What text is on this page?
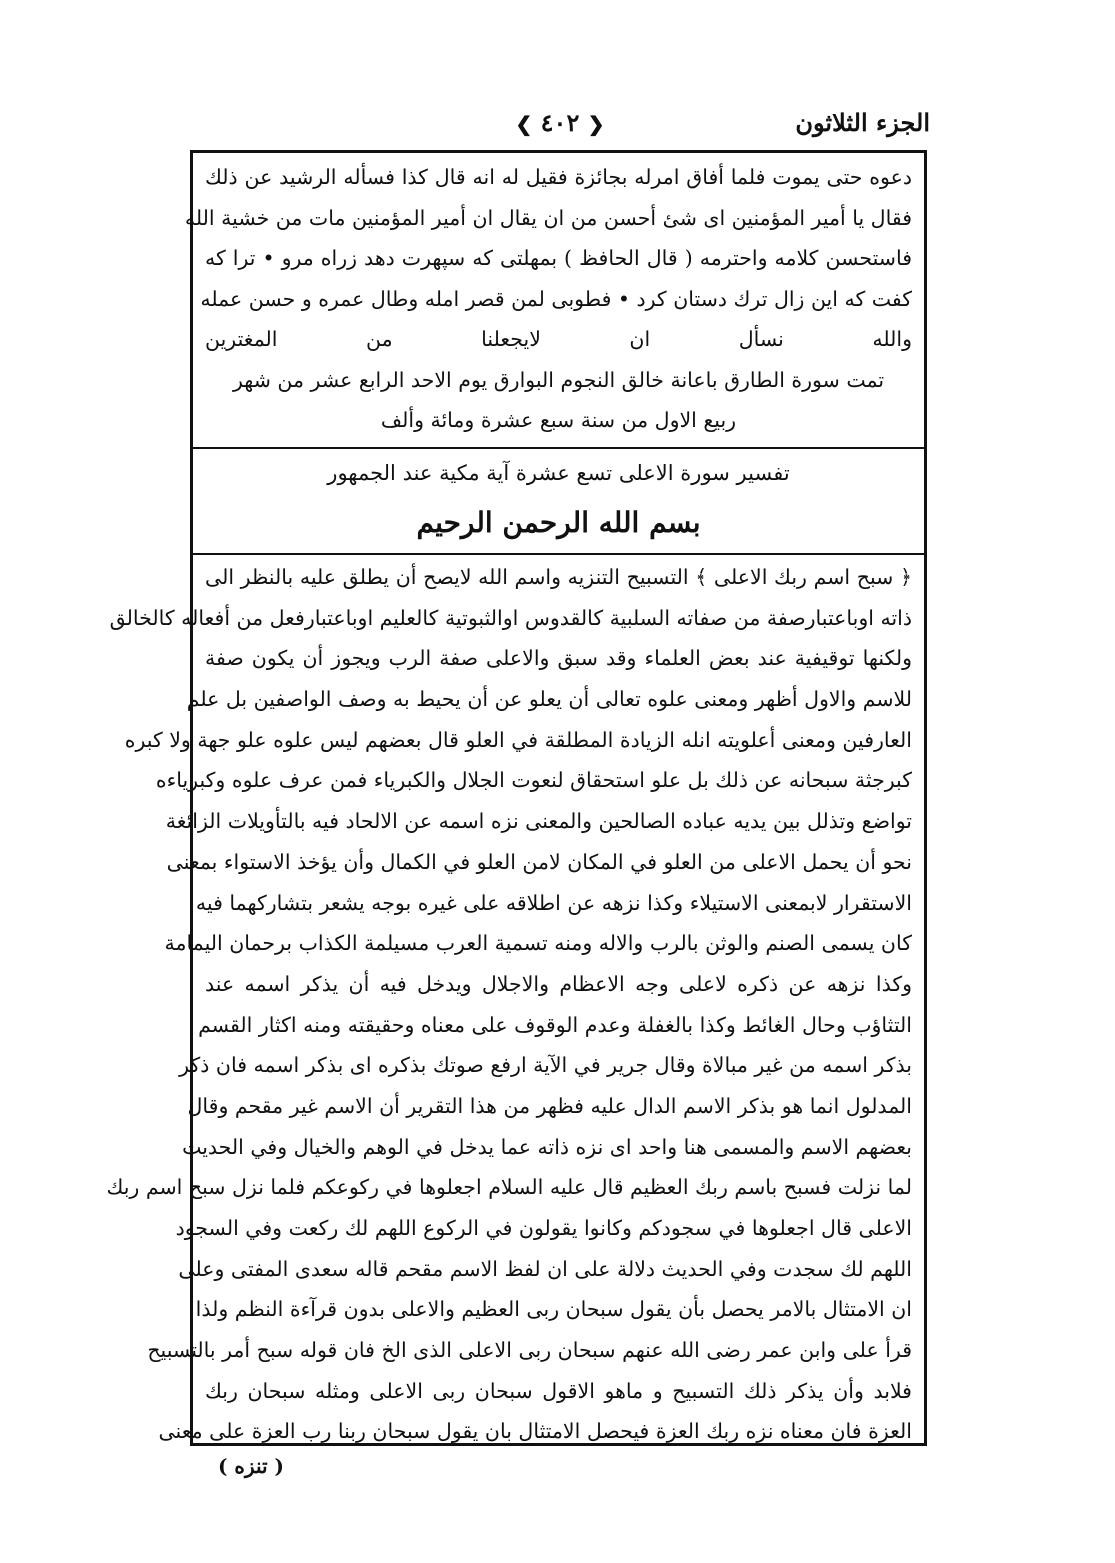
الجزء الثلاثون
❮ ٤٠٢ ❯
دعوه حتى يموت فلما أفاق امرله بجائزة فقيل له انه قال كذا فسأله الرشيد عن ذلك
فقال يا أمير المؤمنين اى شئ أحسن من ان يقال ان أمير المؤمنين مات من خشية الله
فاستحسن كلامه واحترمه ( قال الحافظ ) بمهلتى كه سپهرت دهد زراه مرو • ترا كه
كفت كه اين زال ترك دستان كرد • فطوبى لمن قصر امله وطال عمره و حسن عمله
والله نسأل ان لايجعلنا من المغترين
تمت سورة الطارق باعانة خالق النجوم البوارق يوم الاحد الرابع عشر من شهر
ربيع الاول من سنة سبع عشرة ومائة وألف
تفسير سورة الاعلى تسع عشرة آية مكية عند الجمهور
بسم الله الرحمن الرحيم
﴿ سبح اسم ربك الاعلى ﴾ التسبيح التنزيه واسم الله لايصح أن يطلق عليه بالنظر الى
ذاته اوباعتبارصفة من صفاته السلبية كالقدوس اوالثبوتية كالعليم اوباعتبارفعل من أفعاله كالخالق
ولكنها توقيفية عند بعض العلماء وقد سبق والاعلى صفة الرب ويجوز أن يكون صفة
للاسم والاول أظهر ومعنى علوه تعالى أن يعلو عن أن يحيط به وصف الواصفين بل علم
العارفين ومعنى أعلويته انله الزيادة المطلقة في العلو قال بعضهم ليس علوه علو جهة ولا كبره
كبرجثة سبحانه عن ذلك بل علو استحقاق لنعوت الجلال والكبرياء فمن عرف علوه وكبرياءه
تواضع وتذلل بين يديه عباده الصالحين والمعنى نزه اسمه عن الالحاد فيه بالتأويلات الزائغة
نحو أن يحمل الاعلى من العلو في المكان لامن العلو في الكمال وأن يؤخذ الاستواء بمعنى
الاستقرار لابمعنى الاستيلاء وكذا نزهه عن اطلاقه على غيره بوجه يشعر بتشاركهما فيه
كان يسمى الصنم والوثن بالرب والاله ومنه تسمية العرب مسيلمة الكذاب برحمان اليمامة
وكذا نزهه عن ذكره لاعلى وجه الاعظام والاجلال ويدخل فيه أن يذكر اسمه عند
التثاؤب وحال الغائط وكذا بالغفلة وعدم الوقوف على معناه وحقيقته ومنه اكثار القسم
بذكر اسمه من غير مبالاة وقال جرير في الآية ارفع صوتك بذكره اى بذكر اسمه فان ذكر
المدلول انما هو بذكر الاسم الدال عليه فظهر من هذا التقرير أن الاسم غير مقحم وقال
بعضهم الاسم والمسمى هنا واحد اى نزه ذاته عما يدخل في الوهم والخيال وفي الحديث
لما نزلت فسبح باسم ربك العظيم قال عليه السلام اجعلوها في ركوعكم فلما نزل سبح اسم ربك
الاعلى قال اجعلوها في سجودكم وكانوا يقولون في الركوع اللهم لك ركعت وفي السجود
اللهم لك سجدت وفي الحديث دلالة على ان لفظ الاسم مقحم قاله سعدى المفتى وعلى
ان الامتثال بالامر يحصل بأن يقول سبحان ربى العظيم والاعلى بدون قرآءة النظم ولذا
قرأ على وابن عمر رضى الله عنهم سبحان ربى الاعلى الذى الخ فان قوله سبح أمر بالتسبيح
فلابد وأن يذكر ذلك التسبيح و ماهو الاقول سبحان ربى الاعلى ومثله سبحان ربك
العزة فان معناه نزه ربك العزة فيحصل الامتثال بان يقول سبحان ربنا رب العزة على معنى
( تنزه )
